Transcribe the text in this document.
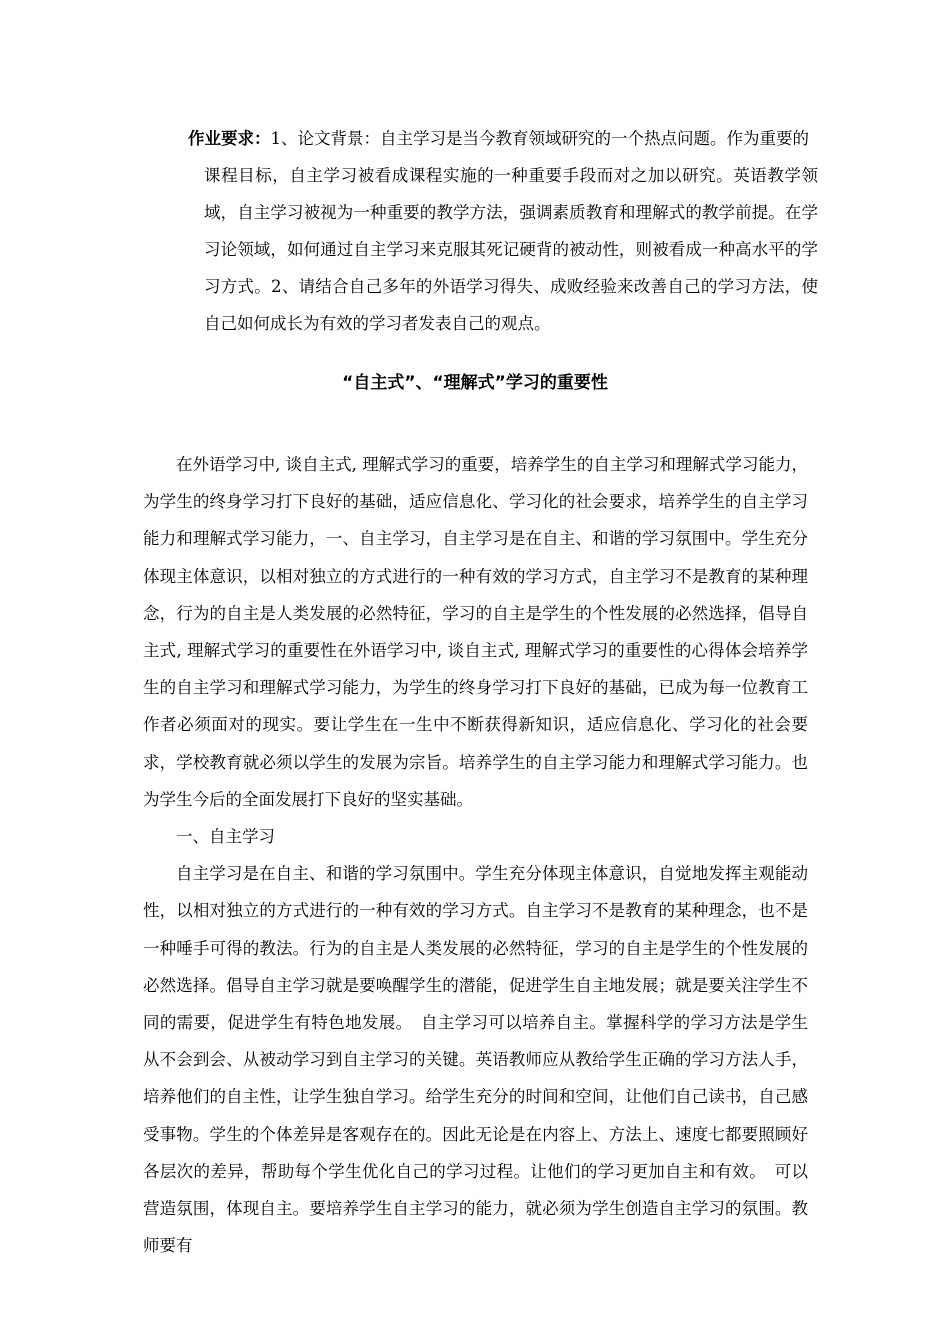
作业要求：1、论文背景：自主学习是当今教育领域研究的一个热点问题。作为重要的
课程目标，自主学习被看成课程实施的一种重要手段而对之加以研究。英语教学领域，自主学习被视为一种重要的教学方法，强调素质教育和理解式的教学前提。在学习论领域，如何通过自主学习来克服其死记硬背的被动性，则被看成一种高水平的学习方式。2、请结合自己多年的外语学习得失、成败经验来改善自己的学习方法，使自己如何成长为有效的学习者发表自己的观点。
“自主式”、“理解式”学习的重要性

在外语学习中, 谈自主式, 理解式学习的重要，培养学生的自主学习和理解式学习能力，为学生的终身学习打下良好的基础，适应信息化、学习化的社会要求，培养学生的自主学习能力和理解式学习能力，一、自主学习，自主学习是在自主、和谐的学习氛围中。学生充分体现主体意识，以相对独立的方式进行的一种有效的学习方式，自主学习不是教育的某种理念，行为的自主是人类发展的必然特征，学习的自主是学生的个性发展的必然选择，倡导自主式, 理解式学习的重要性在外语学习中, 谈自主式, 理解式学习的重要性的心得体会培养学生的自主学习和理解式学习能力，为学生的终身学习打下良好的基础，已成为每一位教育工作者必须面对的现实。要让学生在一生中不断获得新知识，适应信息化、学习化的社会要求，学校教育就必须以学生的发展为宗旨。培养学生的自主学习能力和理解式学习能力。也为学生今后的全面发展打下良好的坚实基础。

一、自主学习

自主学习是在自主、和谐的学习氛围中。学生充分体现主体意识，自觉地发挥主观能动性，以相对独立的方式进行的一种有效的学习方式。自主学习不是教育的某种理念，也不是一种唾手可得的教法。行为的自主是人类发展的必然特征，学习的自主是学生的个性发展的必然选择。倡导自主学习就是要唤醒学生的潜能，促进学生自主地发展；就是要关注学生不同的需要，促进学生有特色地发展。　自主学习可以培养自主。掌握科学的学习方法是学生从不会到会、从被动学习到自主学习的关键。英语教师应从教给学生正确的学习方法人手，培养他们的自主性，让学生独自学习。给学生充分的时间和空间，让他们自己读书，自己感受事物。学生的个体差异是客观存在的。因此无论是在内容上、方法上、速度七都要照顾好各层次的差异，帮助每个学生优化自己的学习过程。让他们的学习更加自主和有效。　可以营造氛围，体现自主。要培养学生自主学习的能力，就必须为学生创造自主学习的氛围。教师要有
